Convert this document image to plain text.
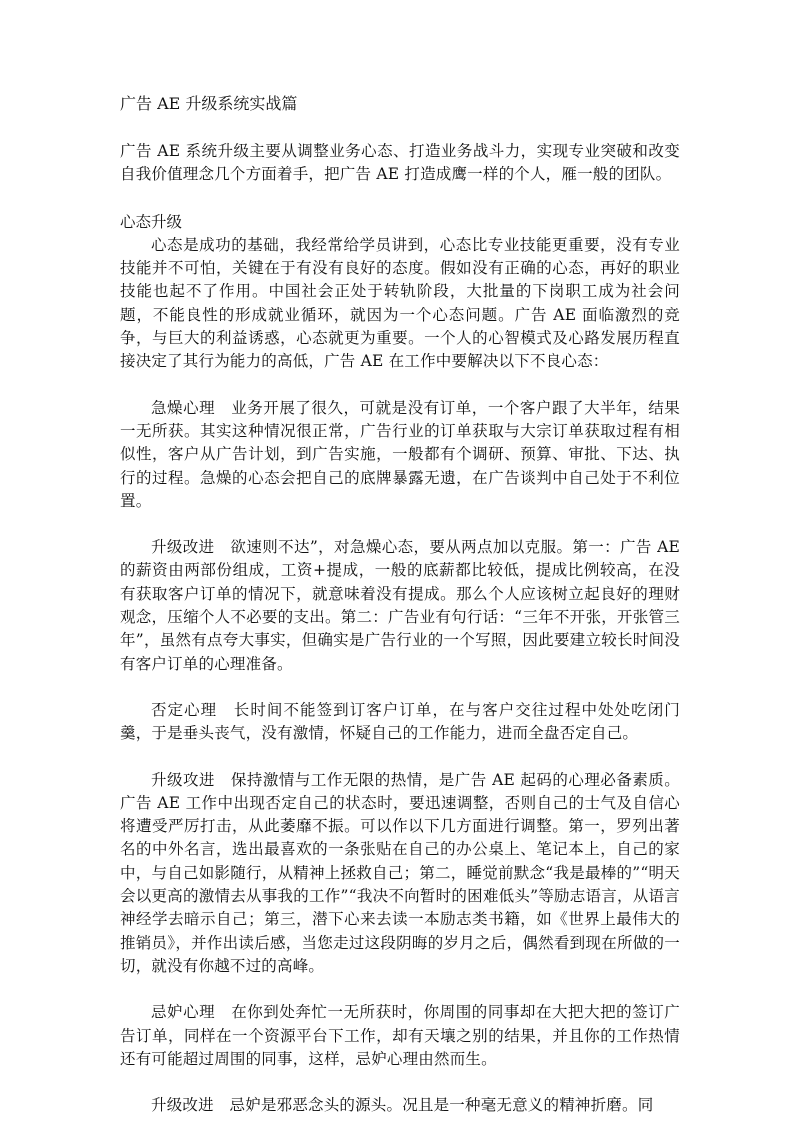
广告 AE 升级系统实战篇

广告 AE 系统升级主要从调整业务心态、打造业务战斗力，实现专业突破和改变自我价值理念几个方面着手，把广告 AE 打造成鹰一样的个人，雁一般的团队。

心态升级

心态是成功的基础，我经常给学员讲到，心态比专业技能更重要，没有专业技能并不可怕，关键在于有没有良好的态度。假如没有正确的心态，再好的职业技能也起不了作用。中国社会正处于转轨阶段，大批量的下岗职工成为社会问题，不能良性的形成就业循环，就因为一个心态问题。广告 AE 面临激烈的竞争，与巨大的利益诱惑，心态就更为重要。一个人的心智模式及心路发展历程直接决定了其行为能力的高低，广告 AE 在工作中要解决以下不良心态：

急燥心理　业务开展了很久，可就是没有订单，一个客户跟了大半年，结果一无所获。其实这种情况很正常，广告行业的订单获取与大宗订单获取过程有相似性，客户从广告计划，到广告实施，一般都有个调研、预算、审批、下达、执行的过程。急燥的心态会把自己的底牌暴露无遗，在广告谈判中自己处于不利位置。

升级改进　欲速则不达”，对急燥心态，要从两点加以克服。第一：广告 AE 的薪资由两部份组成，工资+提成，一般的底薪都比较低，提成比例较高，在没有获取客户订单的情况下，就意味着没有提成。那么个人应该树立起良好的理财观念，压缩个人不必要的支出。第二：广告业有句行话：“三年不开张，开张管三年”，虽然有点夸大事实，但确实是广告行业的一个写照，因此要建立较长时间没有客户订单的心理准备。

否定心理　长时间不能签到订客户订单，在与客户交往过程中处处吃闭门羹，于是垂头丧气，没有激情，怀疑自己的工作能力，进而全盘否定自己。

升级攻进　保持激情与工作无限的热情，是广告 AE 起码的心理必备素质。广告 AE 工作中出现否定自己的状态时，要迅速调整，否则自己的士气及自信心将遭受严厉打击，从此萎靡不振。可以作以下几方面进行调整。第一，罗列出著名的中外名言，选出最喜欢的一条张贴在自己的办公桌上、笔记本上，自己的家中，与自己如影随行，从精神上拯救自己；第二，睡觉前默念“我是最棒的”“明天会以更高的激情去从事我的工作”“我决不向暂时的困难低头”等励志语言，从语言神经学去暗示自己；第三，潜下心来去读一本励志类书籍，如《世界上最伟大的推销员》，并作出读后感，当您走过这段阴晦的岁月之后，偶然看到现在所做的一切，就没有你越不过的高峰。

忌妒心理　在你到处奔忙一无所获时，你周围的同事却在大把大把的签订广告订单，同样在一个资源平台下工作，却有天壤之别的结果，并且你的工作热情还有可能超过周围的同事，这样，忌妒心理由然而生。

升级改进　忌妒是邪恶念头的源头。况且是一种毫无意义的精神折磨。同
